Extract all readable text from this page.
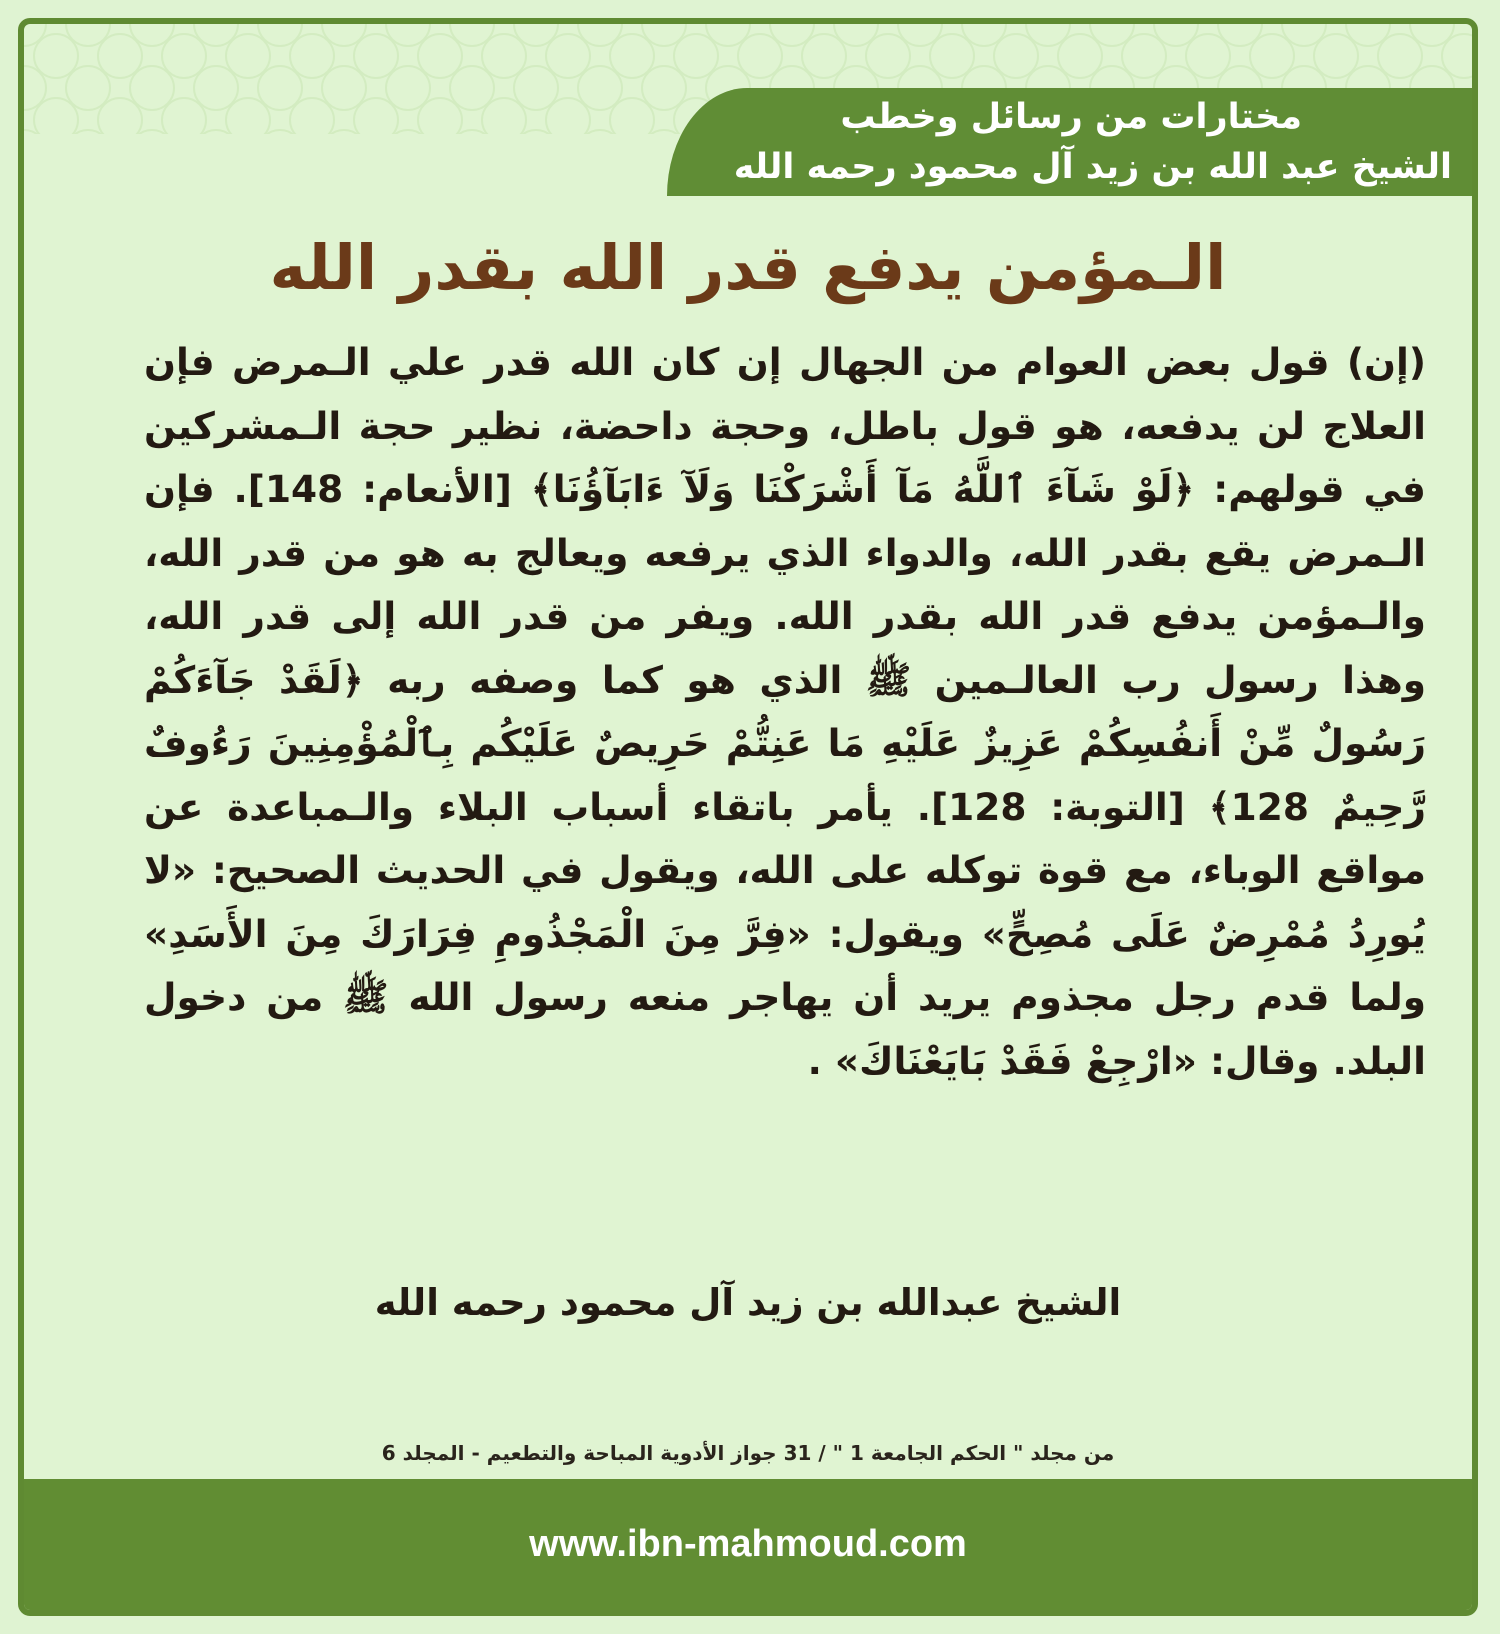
مختارات من رسائل وخطب
الشيخ عبد الله بن زيد آل محمود رحمه الله
الـمؤمن يدفع قدر الله بقدر الله
(إن) قول بعض العوام من الجهال إن كان الله قدر علي الـمرض فإن العلاج لن يدفعه، هو قول باطل، وحجة داحضة، نظير حجة الـمشركين في قولهم: ﴿لَوْ شَآءَ ٱللَّهُ مَآ أَشْرَكْنَا وَلَآ ءَابَآؤُنَا﴾ [الأنعام: 148]. فإن الـمرض يقع بقدر الله، والدواء الذي يرفعه ويعالج به هو من قدر الله، والـمؤمن يدفع قدر الله بقدر الله. ويفر من قدر الله إلى قدر الله، وهذا رسول رب العالـمين ﷺ الذي هو كما وصفه ربه ﴿لَقَدْ جَآءَكُمْ رَسُولٌ مِّنْ أَنفُسِكُمْ عَزِيزٌ عَلَيْهِ مَا عَنِتُّمْ حَرِيصٌ عَلَيْكُم بِٱلْمُؤْمِنِينَ رَءُوفٌ رَّحِيمٌ 128﴾ [التوبة: 128]. يأمر باتقاء أسباب البلاء والـمباعدة عن مواقع الوباء، مع قوة توكله على الله، ويقول في الحديث الصحيح: «لا يُورِدُ مُمْرِضٌ عَلَى مُصِحٍّ» ويقول: «فِرَّ مِنَ الْمَجْذُومِ فِرَارَكَ مِنَ الأَسَدِ» ولما قدم رجل مجذوم يريد أن يهاجر منعه رسول الله ﷺ من دخول البلد. وقال: «ارْجِعْ فَقَدْ بَايَعْنَاكَ» .
الشيخ عبدالله بن زيد آل محمود رحمه الله
من مجلد " الحكم الجامعة 1 " / 31 جواز الأدوية المباحة والتطعيم - المجلد 6
www.ibn-mahmoud.com
